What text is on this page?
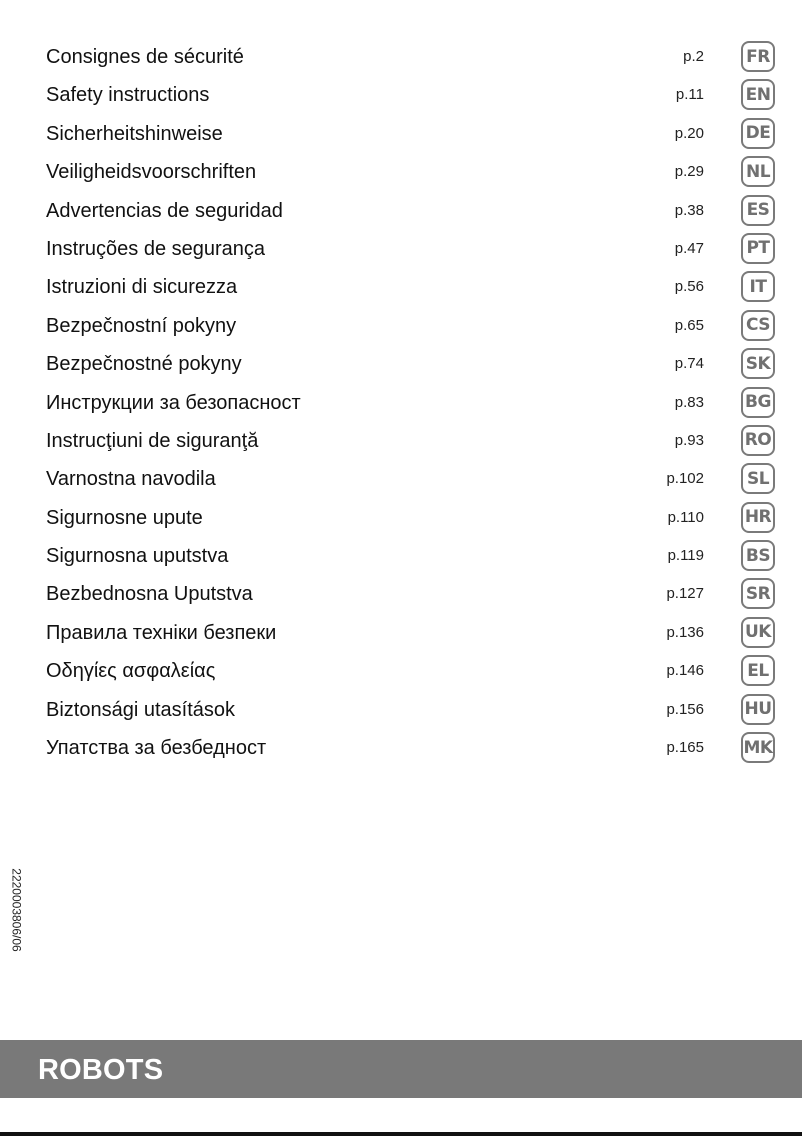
Consignes de sécurité	p.2	FR
Safety instructions	p.11 EN
Sicherheitshinweise	p.20 DE
Veiligheidsvoorschriften	p.29 NL
Advertencias de seguridad	p.38	ES
Instruções de segurança	p.47	PT
Istruzioni di sicurezza	p.56	IT
Bezpečnostní pokyny	p.65 CS
Bezpečnostné pokyny	p.74 SK
Инструкции за безопасност	p.83 BG
Instrucţiuni de siguranţă	p.93 RO
Varnostna navodila	p.102	SL
Sigurnosne upute	p.110 HR
Sigurnosna uputstva	p.119 BS
Bezbednosna Uputstva	p.127 SR
Правила техніки безпеки	p.136 UK
Οδηγίες ασφαλείας	p.146	EL
Biztonsági utasítások	p.156 HU
Упатства за безбедност	p.165 MK
2220003806/06
ROBOTS
